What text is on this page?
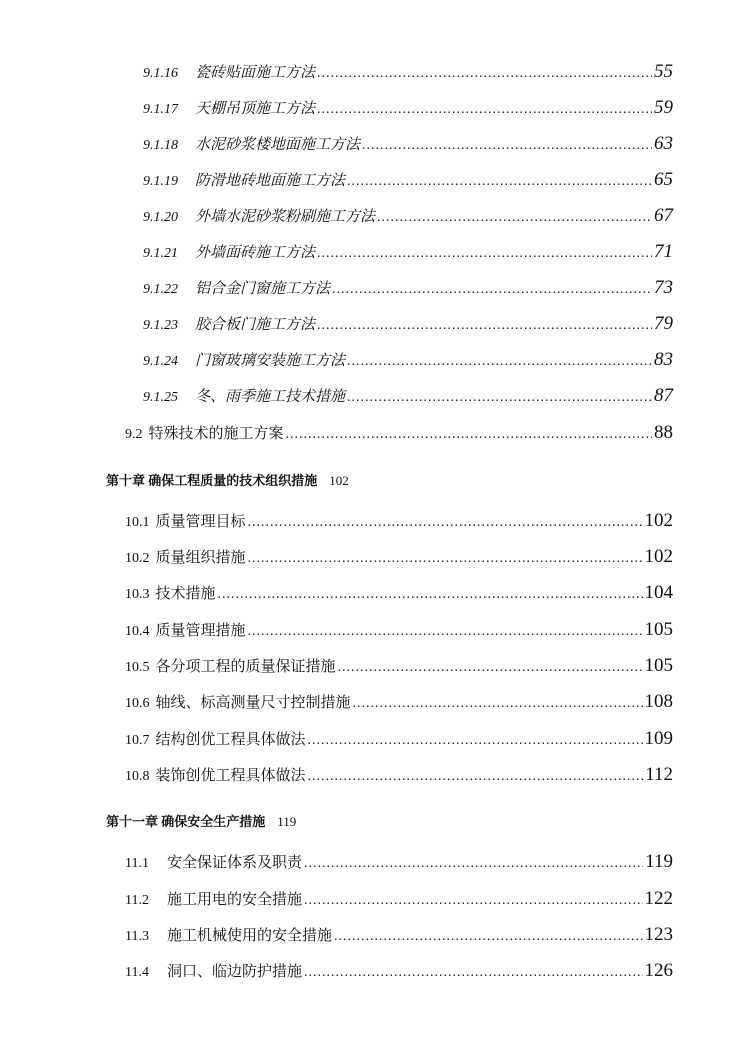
9.1.16	瓷砖贴面施工方法 .....	55
9.1.17	天棚吊顶施工方法 .....	59
9.1.18	水泥砂浆楼地面施工方法 .....	63
9.1.19	防滑地砖地面施工方法 .....	65
9.1.20	外墙水泥砂浆粉刷施工方法 .....	67
9.1.21	外墙面砖施工方法 .....	71
9.1.22	铝合金门窗施工方法 .....	73
9.1.23	胶合板门施工方法 .....	79
9.1.24	门窗玻璃安装施工方法 .....	83
9.1.25	冬、雨季施工技术措施 .....	87
9.2 特殊技术的施工方案 .....	88
第十章 确保工程质量的技术组织措施 102
10.1 质量管理目标 .....	102
10.2 质量组织措施 .....	102
10.3 技术措施 .....	104
10.4 质量管理措施 .....	105
10.5 各分项工程的质量保证措施 .....	105
10.6 轴线、标高测量尺寸控制措施 .....	108
10.7 结构创优工程具体做法 .....	109
10.8 装饰创优工程具体做法 .....	112
第十一章 确保安全生产措施 119
11.1	安全保证体系及职责 .....	119
11.2	施工用电的安全措施 .....	122
11.3	施工机械使用的安全措施 .....	123
11.4	洞口、临边防护措施 .....	126
